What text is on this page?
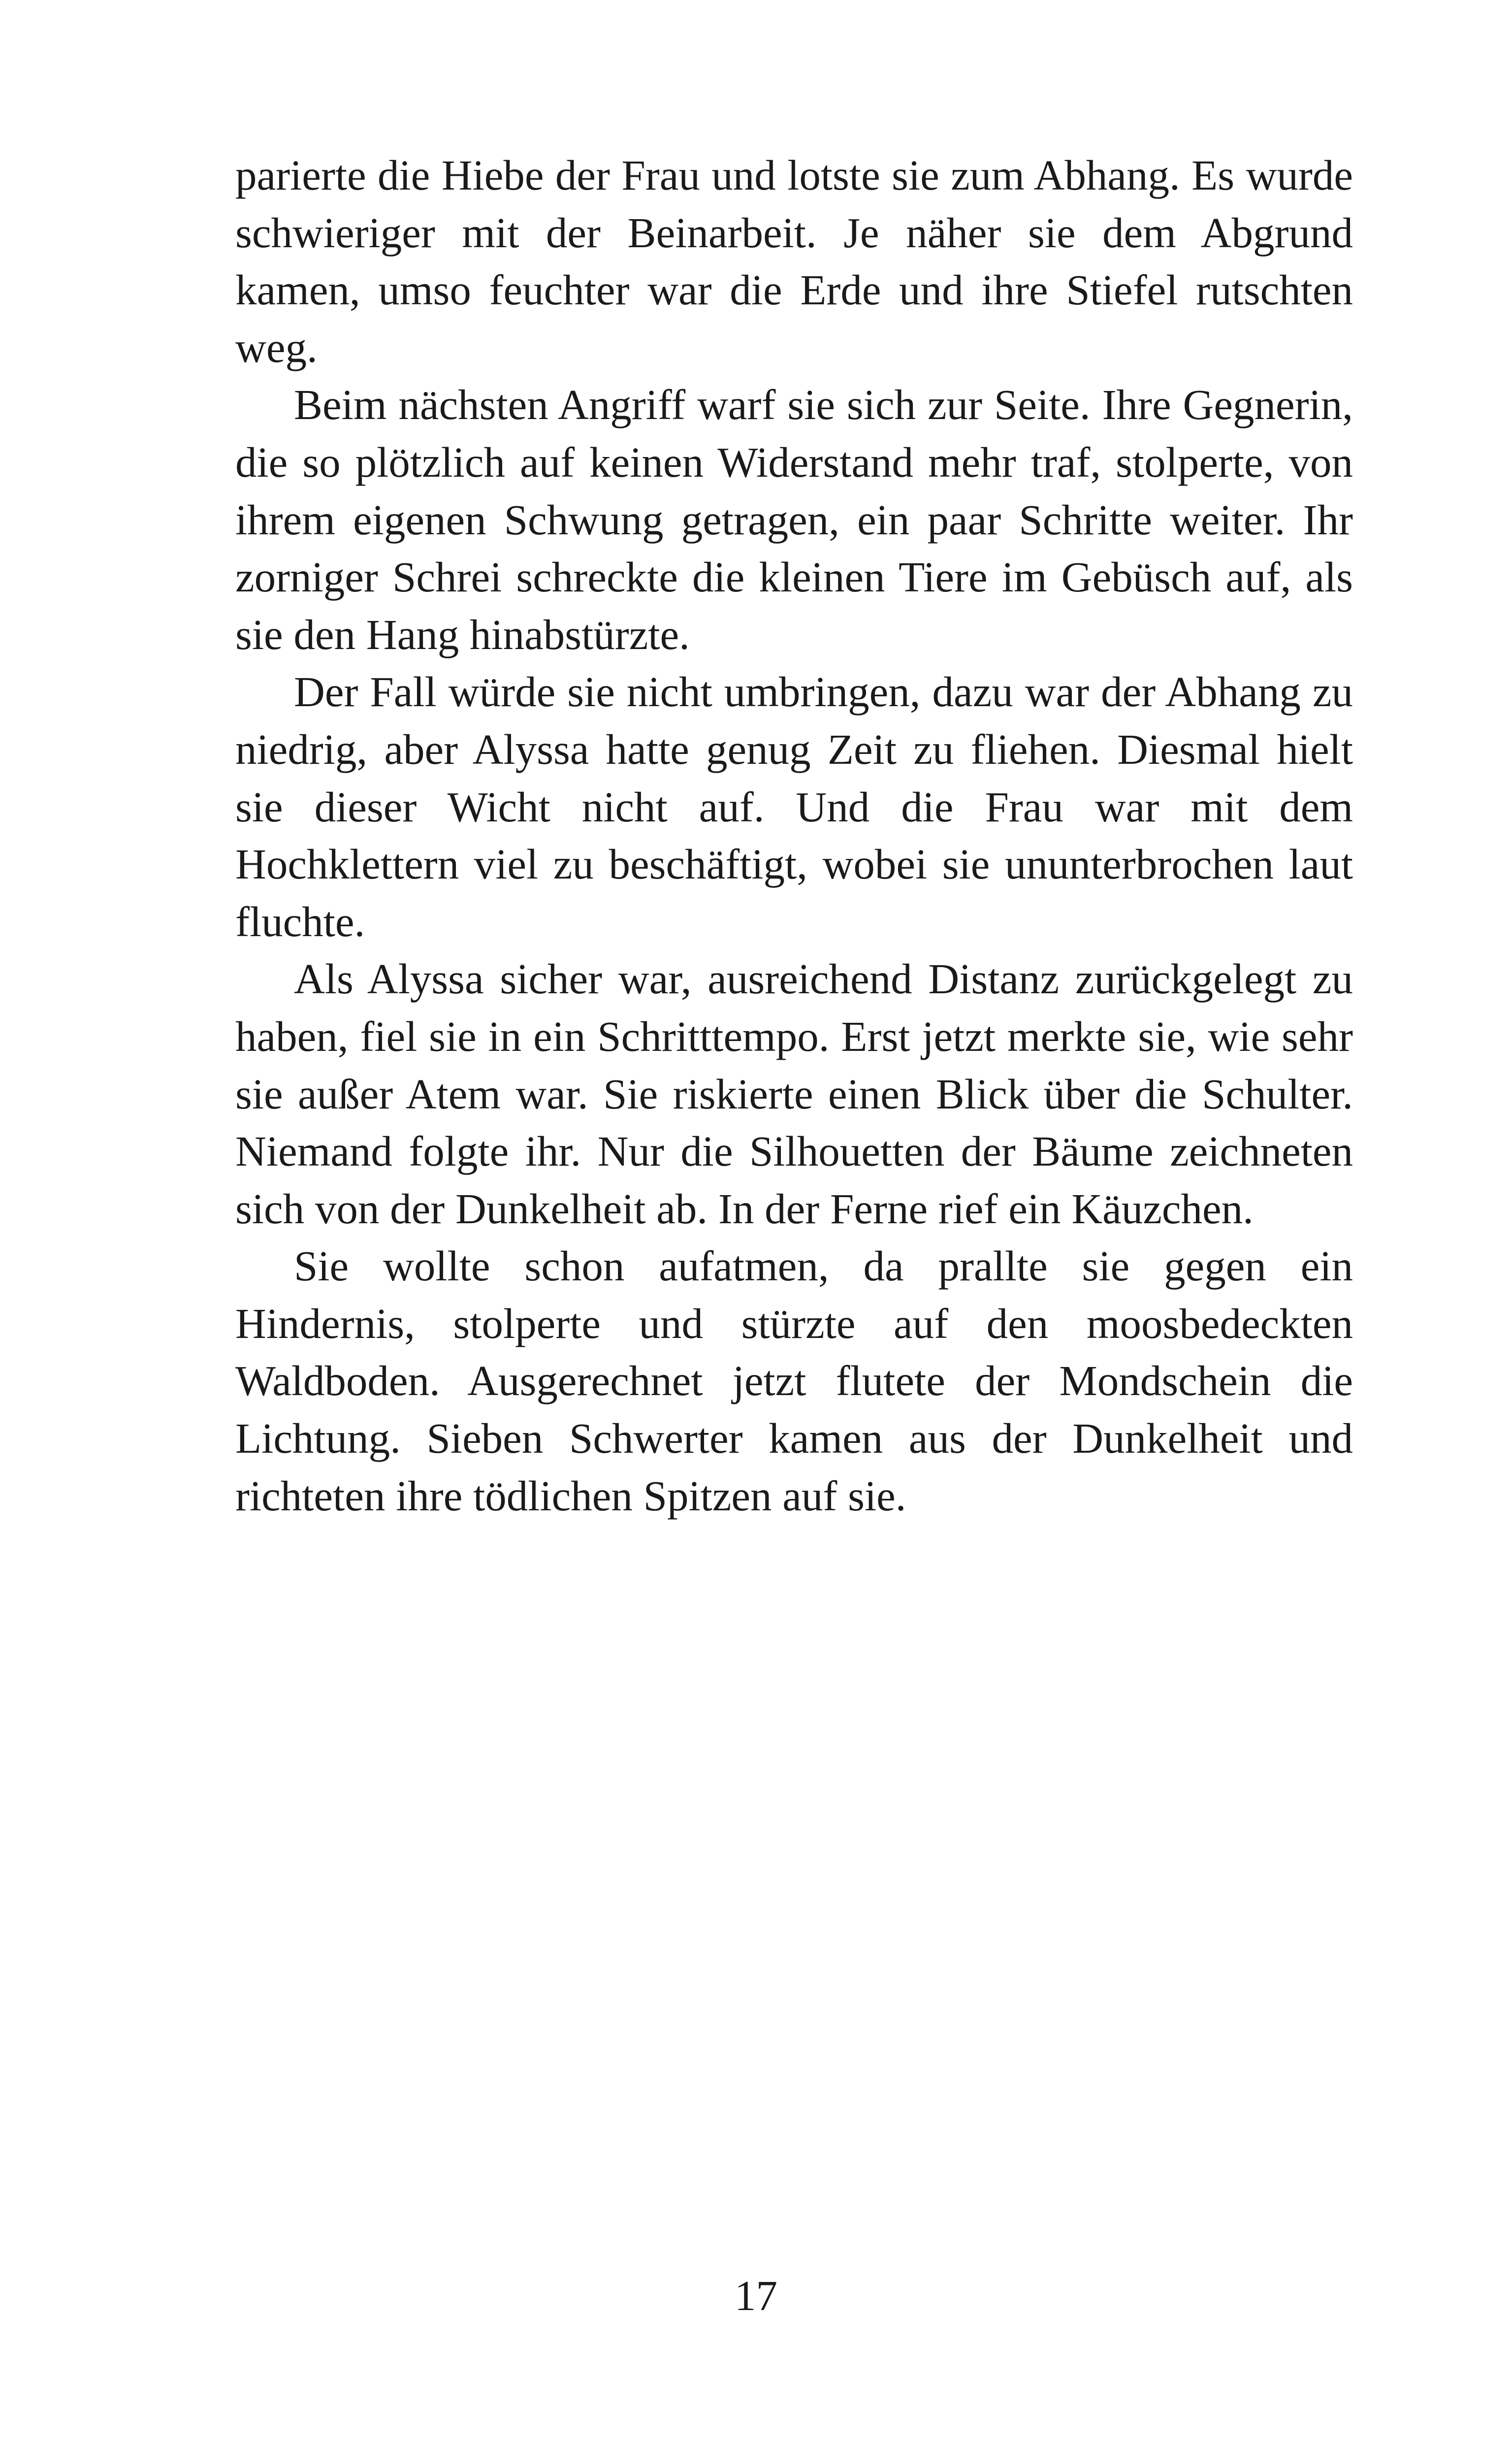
parierte die Hiebe der Frau und lotste sie zum Abhang. Es wurde schwieriger mit der Beinarbeit. Je näher sie dem Abgrund kamen, umso feuchter war die Erde und ihre Stiefel rutschten weg.

Beim nächsten Angriff warf sie sich zur Seite. Ihre Gegnerin, die so plötzlich auf keinen Widerstand mehr traf, stolperte, von ihrem eigenen Schwung getragen, ein paar Schritte weiter. Ihr zorniger Schrei schreckte die kleinen Tiere im Gebüsch auf, als sie den Hang hinabstürzte.

Der Fall würde sie nicht umbringen, dazu war der Abhang zu niedrig, aber Alyssa hatte genug Zeit zu fliehen. Diesmal hielt sie dieser Wicht nicht auf. Und die Frau war mit dem Hochklettern viel zu beschäftigt, wobei sie ununterbrochen laut fluchte.

Als Alyssa sicher war, ausreichend Distanz zurückgelegt zu haben, fiel sie in ein Schritttempo. Erst jetzt merkte sie, wie sehr sie außer Atem war. Sie riskierte einen Blick über die Schulter. Niemand folgte ihr. Nur die Silhouetten der Bäume zeichneten sich von der Dunkelheit ab. In der Ferne rief ein Käuzchen.

Sie wollte schon aufatmen, da prallte sie gegen ein Hindernis, stolperte und stürzte auf den moosbedeckten Waldboden. Ausgerechnet jetzt flutete der Mondschein die Lichtung. Sieben Schwerter kamen aus der Dunkelheit und richteten ihre tödlichen Spitzen auf sie.

17
